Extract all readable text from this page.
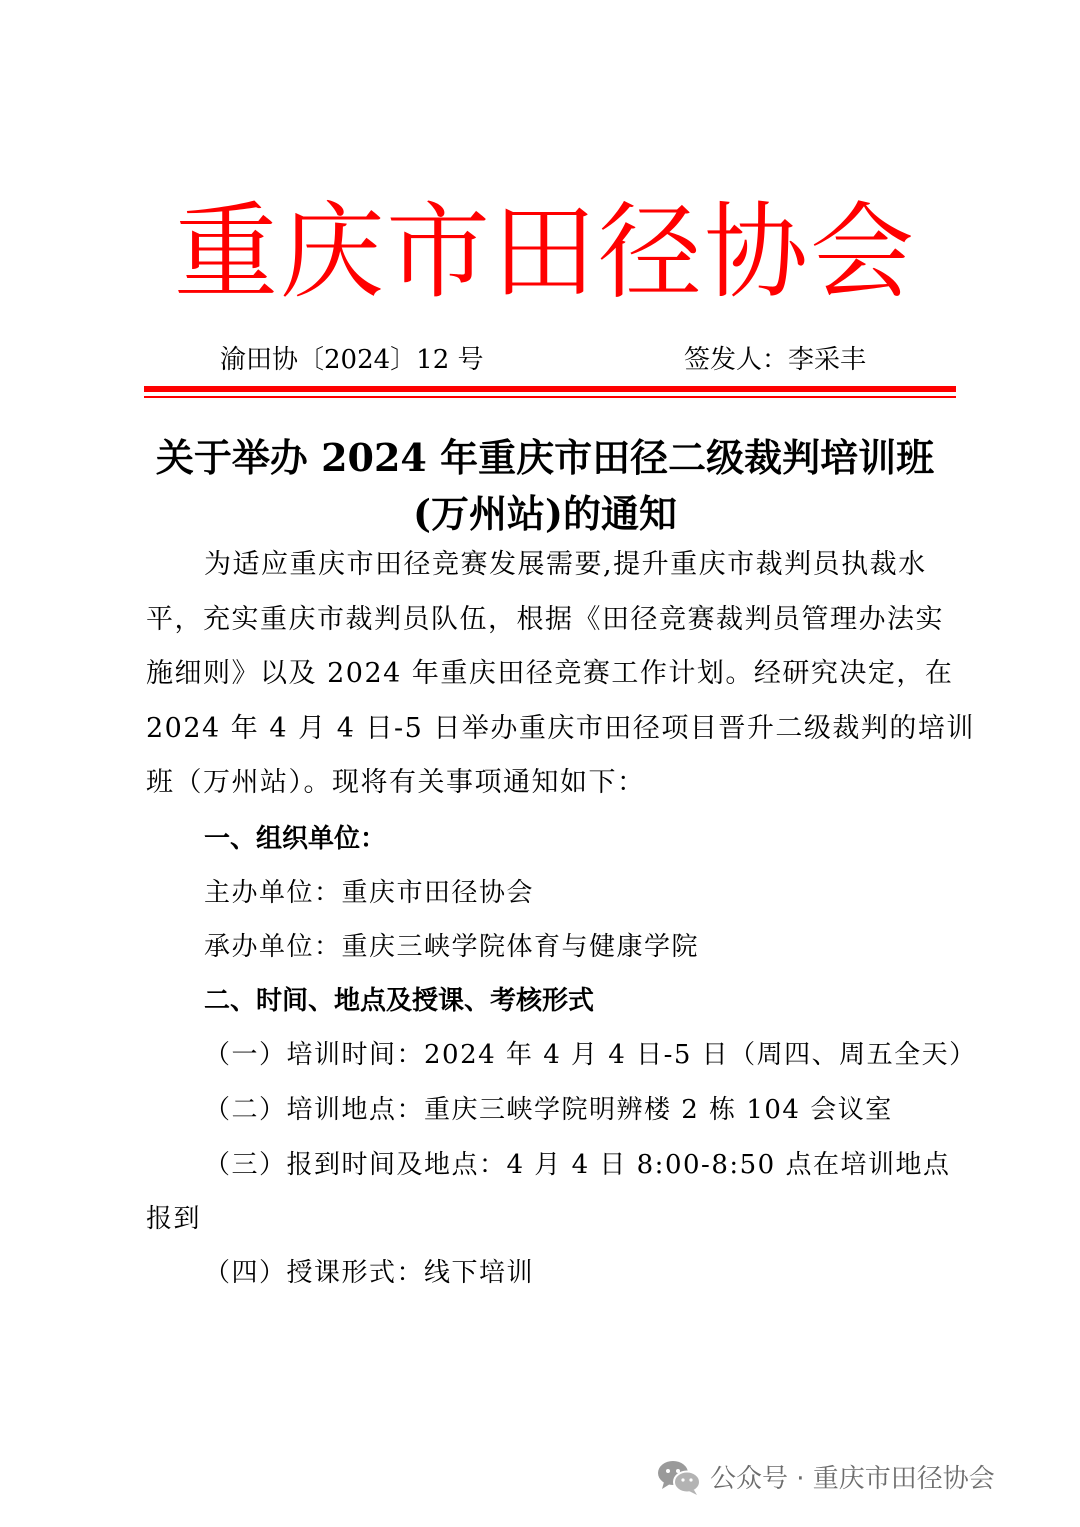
重庆市田径协会
渝田协〔2024〕12 号	签发人：李采丰
关于举办 2024 年重庆市田径二级裁判培训班
(万州站)的通知
为适应重庆市田径竞赛发展需要,提升重庆市裁判员执裁水
平，充实重庆市裁判员队伍，根据《田径竞赛裁判员管理办法实
施细则》以及 2024 年重庆田径竞赛工作计划。经研究决定，在
2024 年 4 月 4 日-5 日举办重庆市田径项目晋升二级裁判的培训
班（万州站）。现将有关事项通知如下：
一、组织单位：
主办单位：重庆市田径协会
承办单位：重庆三峡学院体育与健康学院
二、时间、地点及授课、考核形式
（一）培训时间：2024 年 4 月 4 日-5 日（周四、周五全天）
（二）培训地点：重庆三峡学院明辨楼 2 栋 104 会议室
（三）报到时间及地点：4 月 4 日 8:00-8:50 点在培训地点
报到
（四）授课形式：线下培训
公众号 · 重庆市田径协会
